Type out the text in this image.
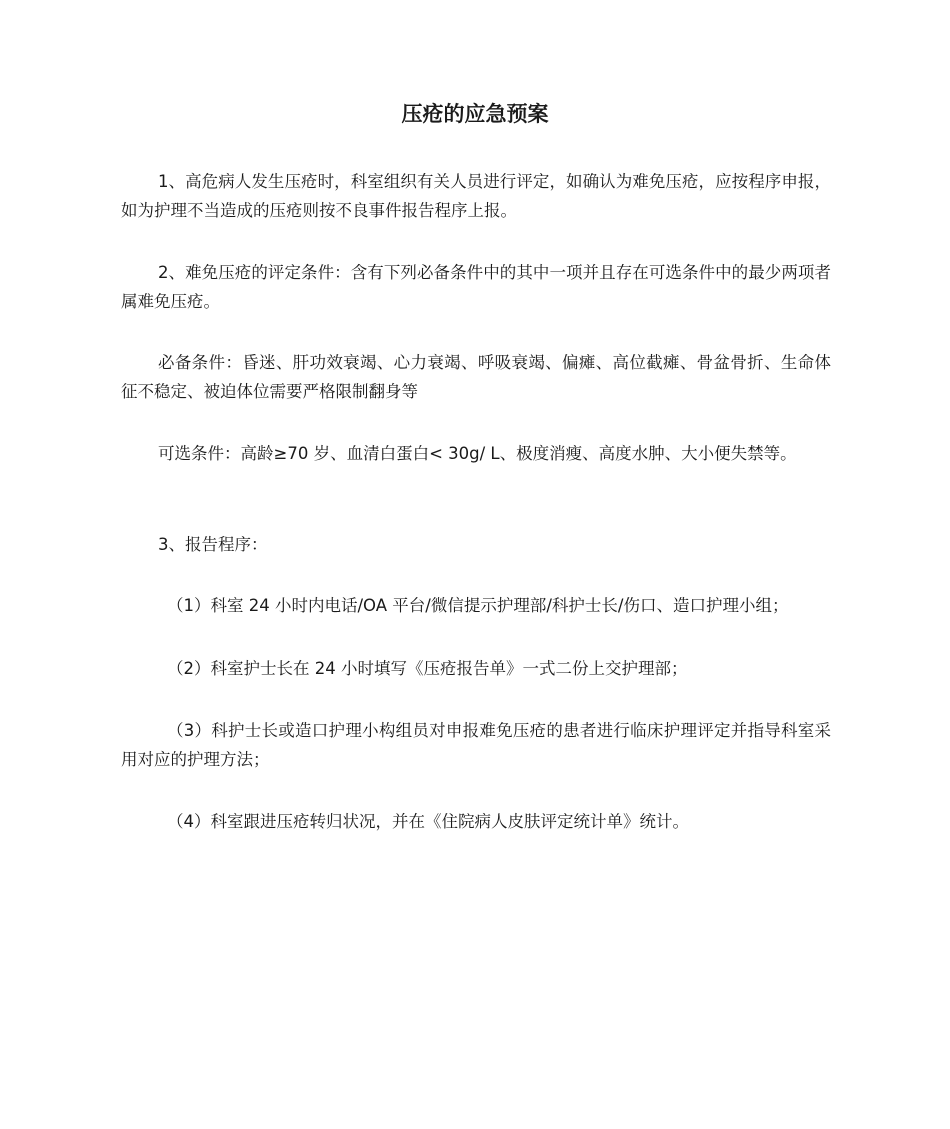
压疮的应急预案

1、高危病人发生压疮时，科室组织有关人员进行评定，如确认为难免压疮，应按程序申报，如为护理不当造成的压疮则按不良事件报告程序上报。

2、难免压疮的评定条件：含有下列必备条件中的其中一项并且存在可选条件中的最少两项者属难免压疮。

必备条件：昏迷、肝功效衰竭、心力衰竭、呼吸衰竭、偏瘫、高位截瘫、骨盆骨折、生命体征不稳定、被迫体位需要严格限制翻身等

可选条件：高龄≥70 岁、血清白蛋白< 30g/ L、极度消瘦、高度水肿、大小便失禁等。

3、报告程序：

（1）科室 24 小时内电话/OA 平台/微信提示护理部/科护士长/伤口、造口护理小组；

（2）科室护士长在 24 小时填写《压疮报告单》一式二份上交护理部；

（3）科护士长或造口护理小构组员对申报难免压疮的患者进行临床护理评定并指导科室采用对应的护理方法；

（4）科室跟进压疮转归状况，并在《住院病人皮肤评定统计单》统计。
